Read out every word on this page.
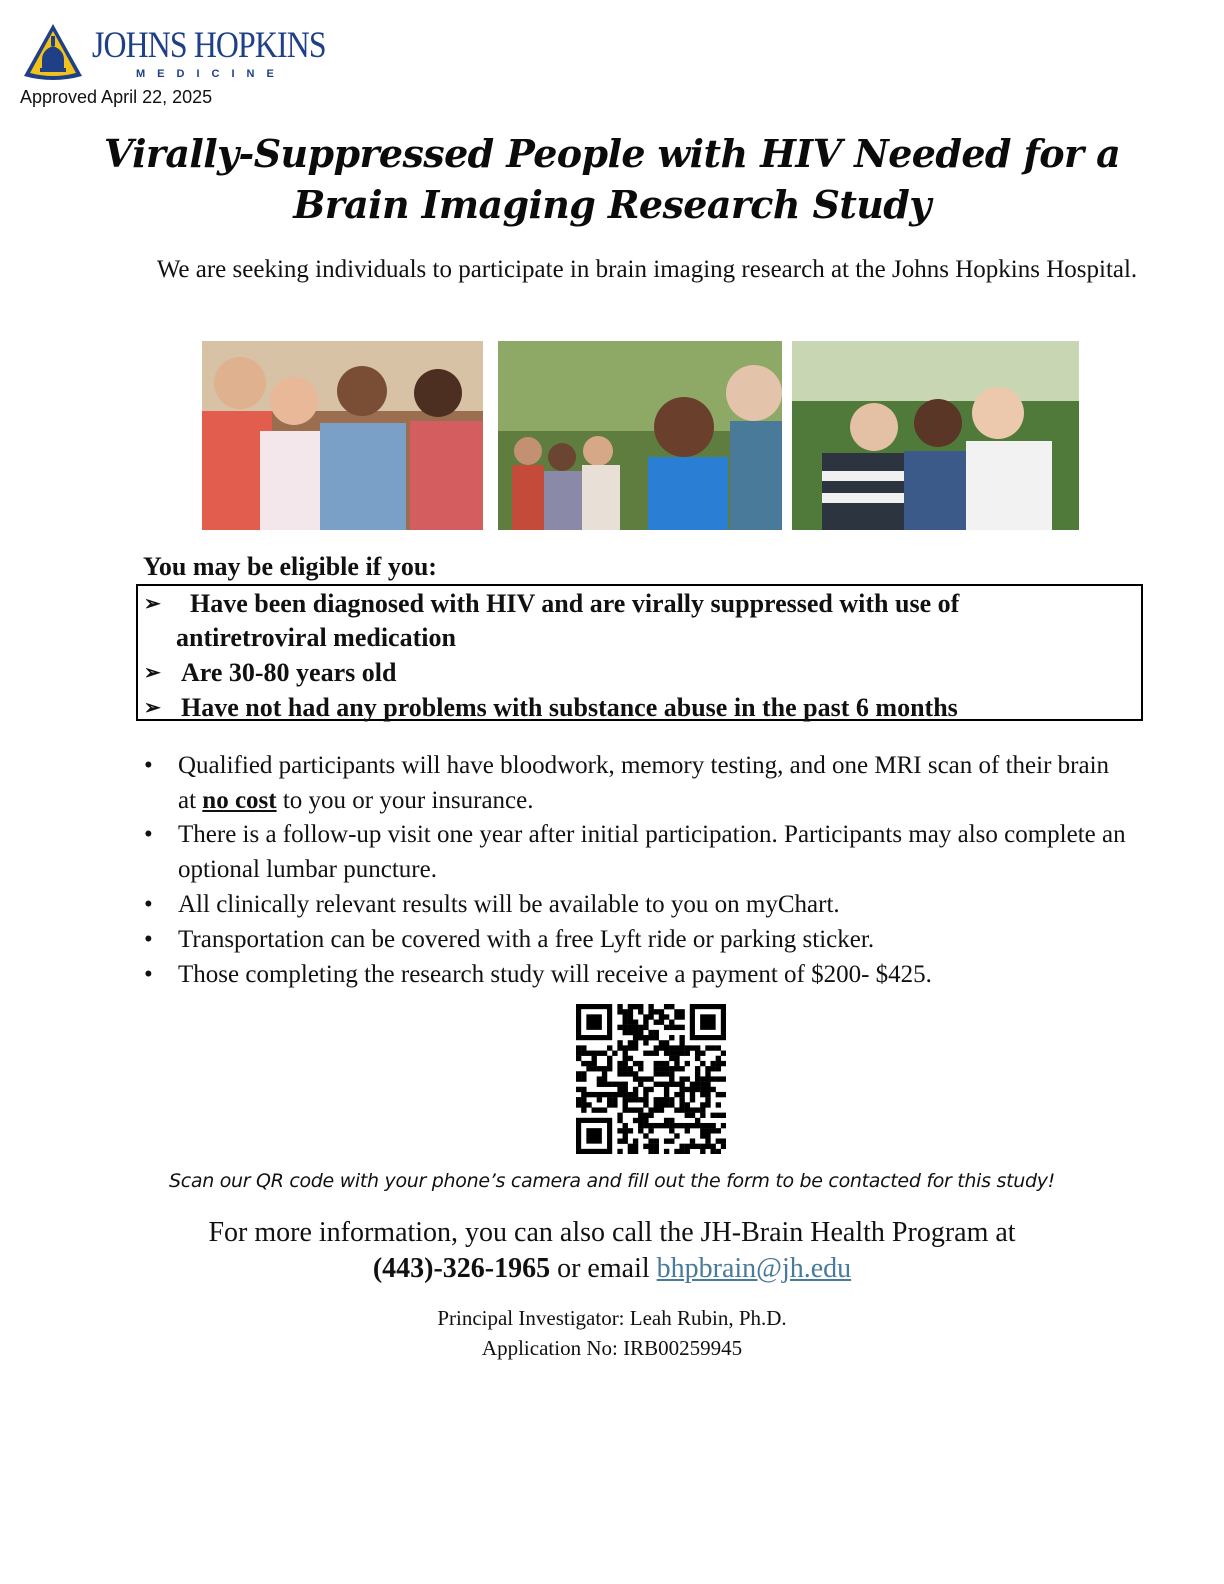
JOHNS HOPKINS
MEDICINE
Approved April 22, 2025
Virally-Suppressed People with HIV Needed for a Brain Imaging Research Study
We are seeking individuals to participate in brain imaging research at the Johns Hopkins Hospital.
You may be eligible if you:
➢ Have been diagnosed with HIV and are virally suppressed with use of
antiretroviral medication
➢ Are 30-80 years old
➢ Have not had any problems with substance abuse in the past 6 months
• Qualified participants will have bloodwork, memory testing, and one MRI scan of their brain at no cost to you or your insurance.
• There is a follow-up visit one year after initial participation. Participants may also complete an optional lumbar puncture.
• All clinically relevant results will be available to you on myChart.
• Transportation can be covered with a free Lyft ride or parking sticker.
• Those completing the research study will receive a payment of $200- $425.
Scan our QR code with your phone’s camera and fill out the form to be contacted for this study!
For more information, you can also call the JH-Brain Health Program at
(443)-326-1965 or email bhpbrain@jh.edu
Principal Investigator: Leah Rubin, Ph.D.
Application No: IRB00259945
